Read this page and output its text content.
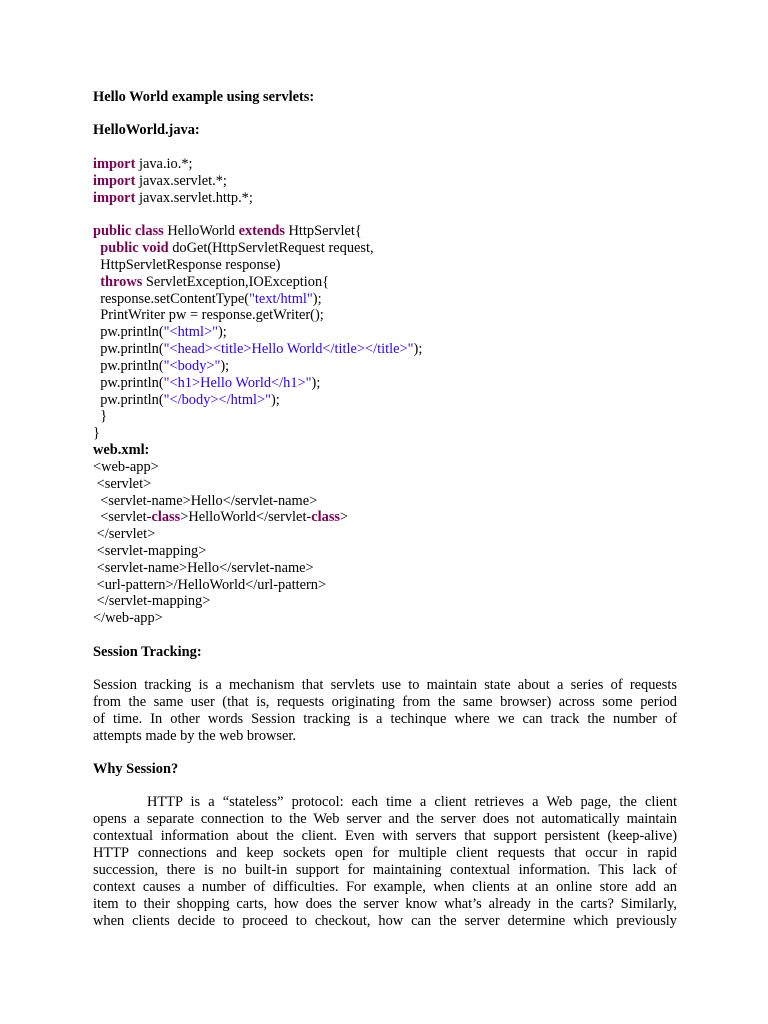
Hello World example using servlets:
HelloWorld.java:
import java.io.*;
import javax.servlet.*;
import javax.servlet.http.*;
public class HelloWorld extends HttpServlet{
public void doGet(HttpServletRequest request,
HttpServletResponse response)
throws ServletException,IOException{
response.setContentType("text/html");
PrintWriter pw = response.getWriter();
pw.println("<html>");
pw.println("<head><title>Hello World</title></title>");
pw.println("<body>");
pw.println("<h1>Hello World</h1>");
pw.println("</body></html>");
}
}
web.xml:
<web-app>
<servlet>
<servlet-name>Hello</servlet-name>
<servlet-class>HelloWorld</servlet-class>
</servlet>
<servlet-mapping>
<servlet-name>Hello</servlet-name>
<url-pattern>/HelloWorld</url-pattern>
</servlet-mapping>
</web-app>
Session Tracking:
Session tracking is a mechanism that servlets use to maintain state about a series of requests
from the same user (that is, requests originating from the same browser) across some period
of time. In other words Session tracking is a techinque where we can track the number of
attempts made by the web browser.
Why Session?
HTTP is a “stateless” protocol: each time a client retrieves a Web page, the client
opens a separate connection to the Web server and the server does not automatically maintain
contextual information about the client. Even with servers that support persistent (keep-alive)
HTTP connections and keep sockets open for multiple client requests that occur in rapid
succession, there is no built-in support for maintaining contextual information. This lack of
context causes a number of difficulties. For example, when clients at an online store add an
item to their shopping carts, how does the server know what’s already in the carts? Similarly,
when clients decide to proceed to checkout, how can the server determine which previously
